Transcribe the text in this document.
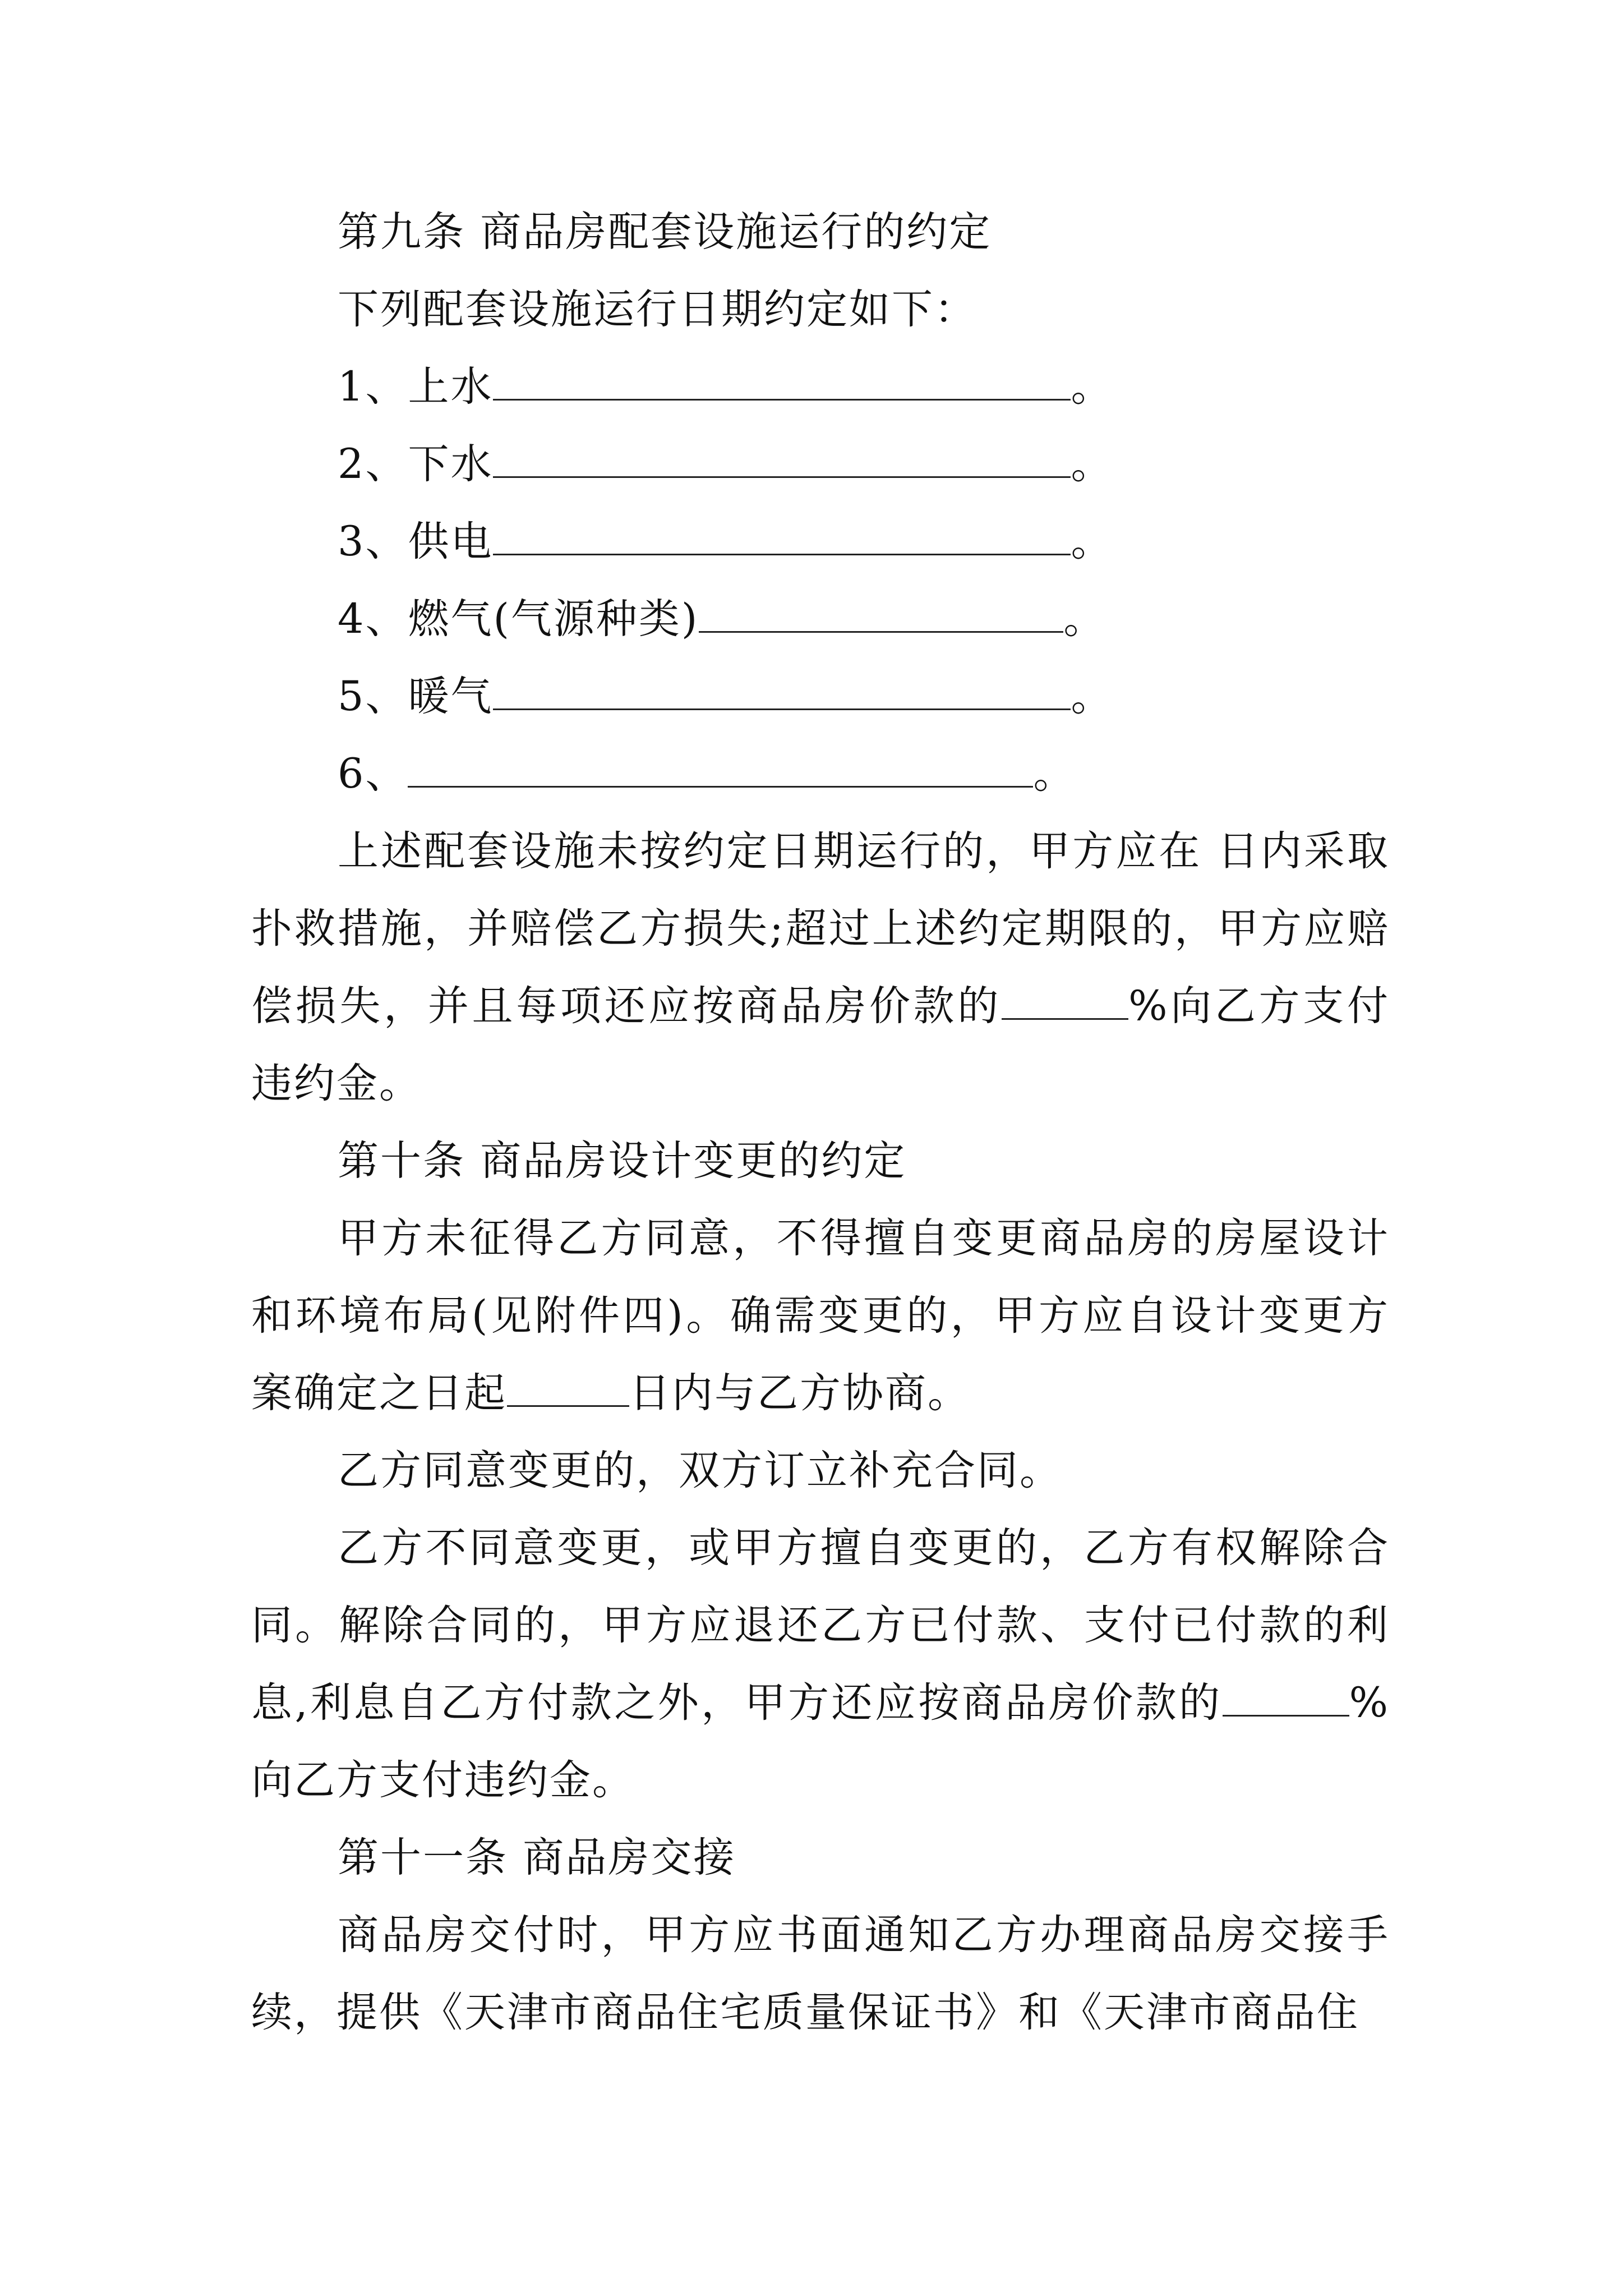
第九条 商品房配套设施运行的约定

下列配套设施运行日期约定如下：

1、上水	。

2、下水	。

3、供电	。

4、燃气(气源种类)	。

5、暖气	。

6、	。

上述配套设施未按约定日期运行的，甲方应在 日内采取扑救措施，并赔偿乙方损失;超过上述约定期限的，甲方应赔偿损失，并且每项还应按商品房价款的	%向乙方支付违约金。

第十条 商品房设计变更的约定

甲方未征得乙方同意，不得擅自变更商品房的房屋设计和环境布局(见附件四)。确需变更的，甲方应自设计变更方案确定之日起	日内与乙方协商。

乙方同意变更的，双方订立补充合同。

乙方不同意变更，或甲方擅自变更的，乙方有权解除合同。解除合同的，甲方应退还乙方已付款、支付已付款的利息,利息自乙方付款之外，甲方还应按商品房价款的	%向乙方支付违约金。

第十一条 商品房交接

商品房交付时，甲方应书面通知乙方办理商品房交接手续，提供《天津市商品住宅质量保证书》和《天津市商品住
